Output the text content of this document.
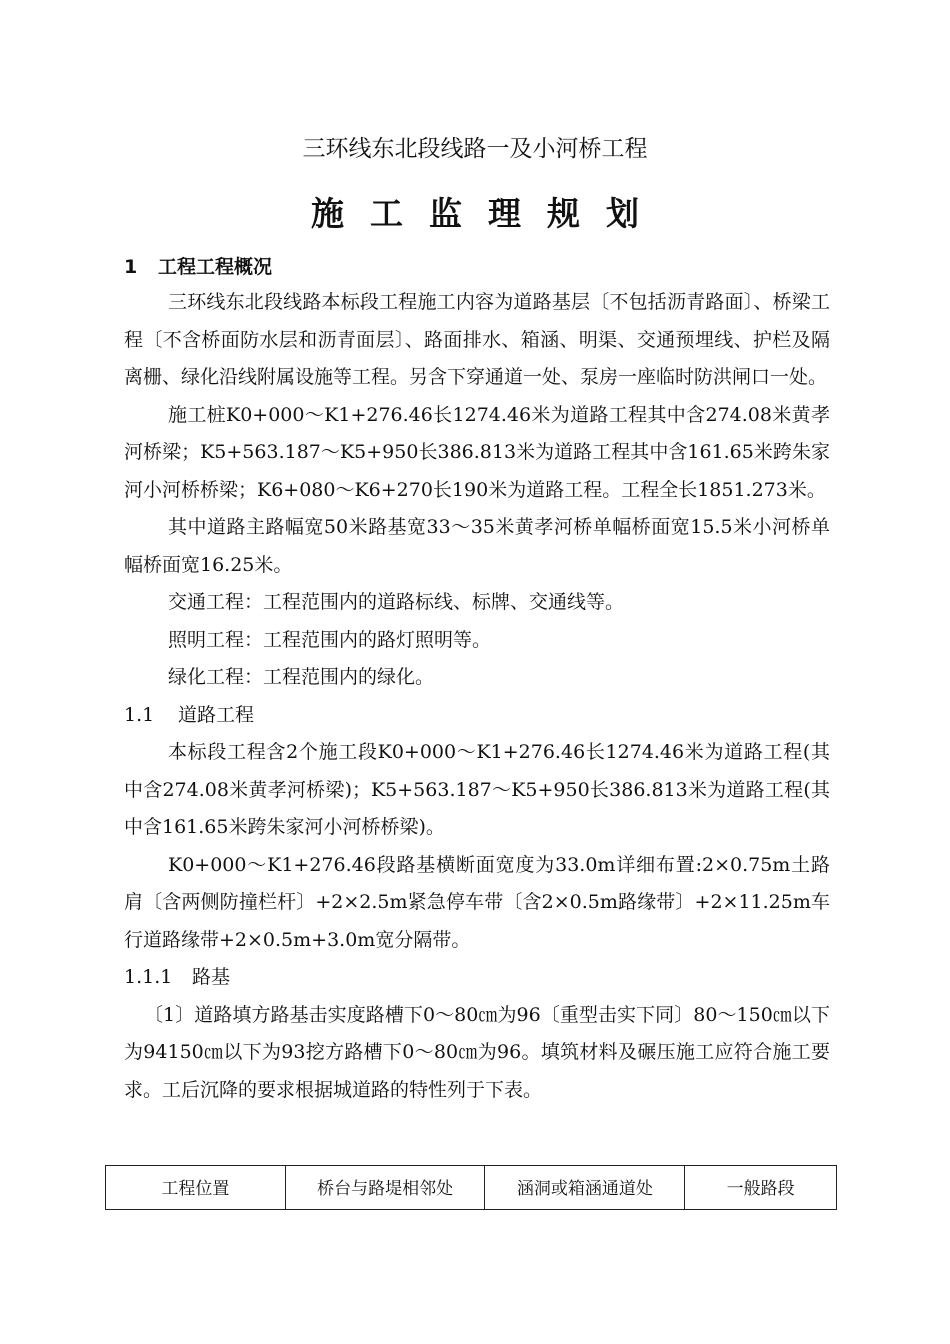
三环线东北段线路一及小河桥工程
施工监理规划
1 工程工程概况

三环线东北段线路本标段工程施工内容为道路基层〔不包括沥青路面〕、桥梁工程〔不含桥面防水层和沥青面层〕、路面排水、箱涵、明渠、交通预埋线、护栏及隔离栅、绿化沿线附属设施等工程。另含下穿通道一处、泵房一座临时防洪闸口一处。

施工桩K0+000～K1+276.46长1274.46米为道路工程其中含274.08米黄孝河桥梁；K5+563.187～K5+950长386.813米为道路工程其中含161.65米跨朱家河小河桥桥梁；K6+080～K6+270长190米为道路工程。工程全长1851.273米。

其中道路主路幅宽50米路基宽33～35米黄孝河桥单幅桥面宽15.5米小河桥单幅桥面宽16.25米。

交通工程：工程范围内的道路标线、标牌、交通线等。

照明工程：工程范围内的路灯照明等。

绿化工程：工程范围内的绿化。

1.1 道路工程

本标段工程含2个施工段K0+000～K1+276.46长1274.46米为道路工程(其中含274.08米黄孝河桥梁)；K5+563.187～K5+950长386.813米为道路工程(其中含161.65米跨朱家河小河桥桥梁)。

K0+000～K1+276.46段路基横断面宽度为33.0m详细布置:2×0.75m土路肩〔含两侧防撞栏杆〕+2×2.5m紧急停车带〔含2×0.5m路缘带〕+2×11.25m车行道路缘带+2×0.5m+3.0m宽分隔带。

1.1.1 路基

〔1〕道路填方路基击实度路槽下0～80㎝为96〔重型击实下同〕80～150㎝以下为94150㎝以下为93挖方路槽下0～80㎝为96。填筑材料及碾压施工应符合施工要求。工后沉降的要求根据城道路的特性列于下表。

工程位置	桥台与路堤相邻处	涵洞或箱涵通道处	一般路段
